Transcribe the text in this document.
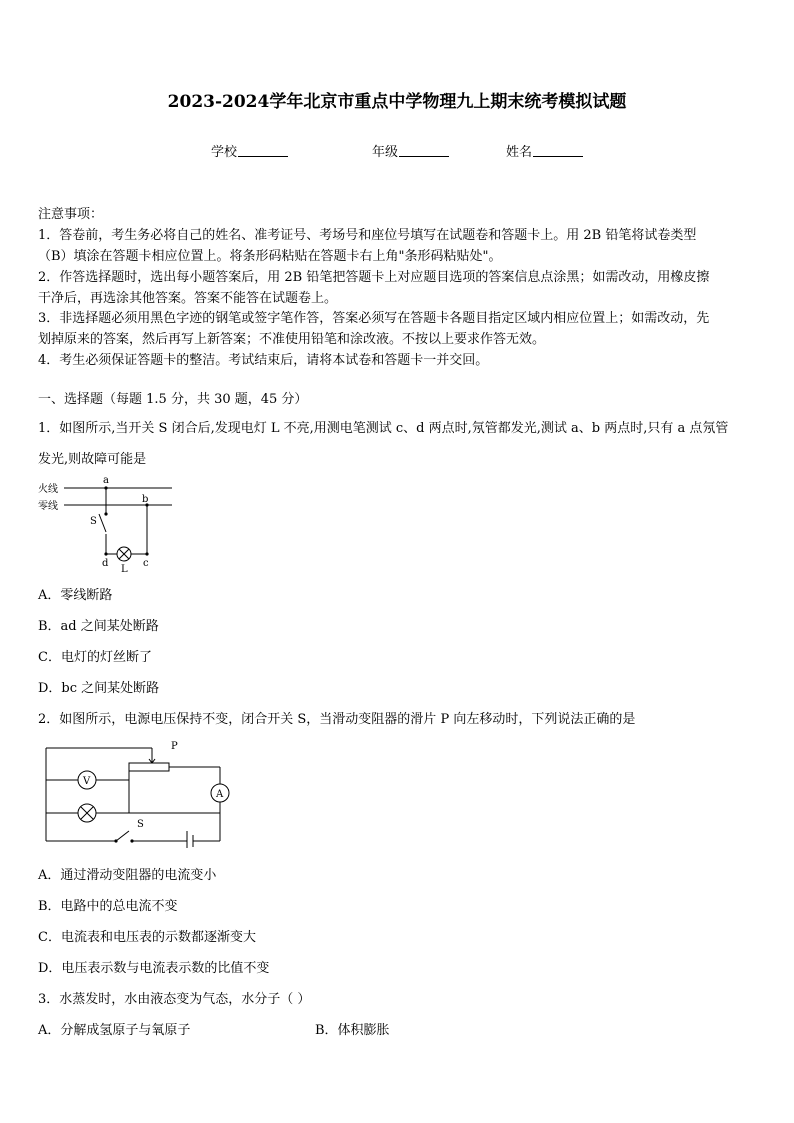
2023-2024学年北京市重点中学物理九上期末统考模拟试题
学校	年级	姓名
注意事项：
1．答卷前，考生务必将自己的姓名、准考证号、考场号和座位号填写在试题卷和答题卡上。用 2B 铅笔将试卷类型
（B）填涂在答题卡相应位置上。将条形码粘贴在答题卡右上角"条形码粘贴处"。
2．作答选择题时，选出每小题答案后，用 2B 铅笔把答题卡上对应题目选项的答案信息点涂黑；如需改动，用橡皮擦
干净后，再选涂其他答案。答案不能答在试题卷上。
3．非选择题必须用黑色字迹的钢笔或签字笔作答，答案必须写在答题卡各题目指定区域内相应位置上；如需改动，先
划掉原来的答案，然后再写上新答案；不准使用铅笔和涂改液。不按以上要求作答无效。
4．考生必须保证答题卡的整洁。考试结束后，请将本试卷和答题卡一并交回。
一、选择题（每题 1.5 分，共 30 题，45 分）
1．如图所示,当开关 S 闭合后,发现电灯 L 不亮,用测电笔测试 c、d 两点时,氖管都发光,测试 a、b 两点时,只有 a 点氖管
发光,则故障可能是
火线
零线
a
b
S
d
L
c
A．零线断路
B．ad 之间某处断路
C．电灯的灯丝断了
D．bc 之间某处断路
2．如图所示，电源电压保持不变，闭合开关 S，当滑动变阻器的滑片 P 向左移动时，下列说法正确的是
P
V
A
S
A．通过滑动变阻器的电流变小
B．电路中的总电流不变
C．电流表和电压表的示数都逐渐变大
D．电压表示数与电流表示数的比值不变
3．水蒸发时，水由液态变为气态，水分子（ ）
A．分解成氢原子与氧原子	B．体积膨胀
